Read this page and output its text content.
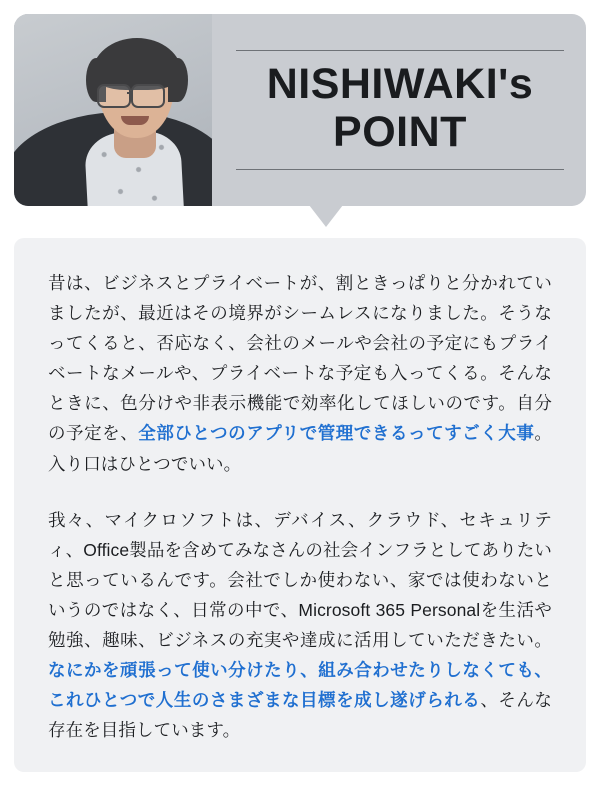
NISHIWAKI's
POINT

昔は、ビジネスとプライベートが、割ときっぱりと分かれていましたが、最近はその境界がシームレスになりました。そうなってくると、否応なく、会社のメールや会社の予定にもプライベートなメールや、プライベートな予定も入ってくる。そんなときに、色分けや非表示機能で効率化してほしいのです。自分の予定を、全部ひとつのアプリで管理できるってすごく大事。入り口はひとつでいい。

我々、マイクロソフトは、デバイス、クラウド、セキュリティ、Office製品を含めてみなさんの社会インフラとしてありたいと思っているんです。会社でしか使わない、家では使わないというのではなく、日常の中で、Microsoft 365 Personalを生活や勉強、趣味、ビジネスの充実や達成に活用していただきたい。なにかを頑張って使い分けたり、組み合わせたりしなくても、これひとつで人生のさまざまな目標を成し遂げられる、そんな存在を目指しています。
